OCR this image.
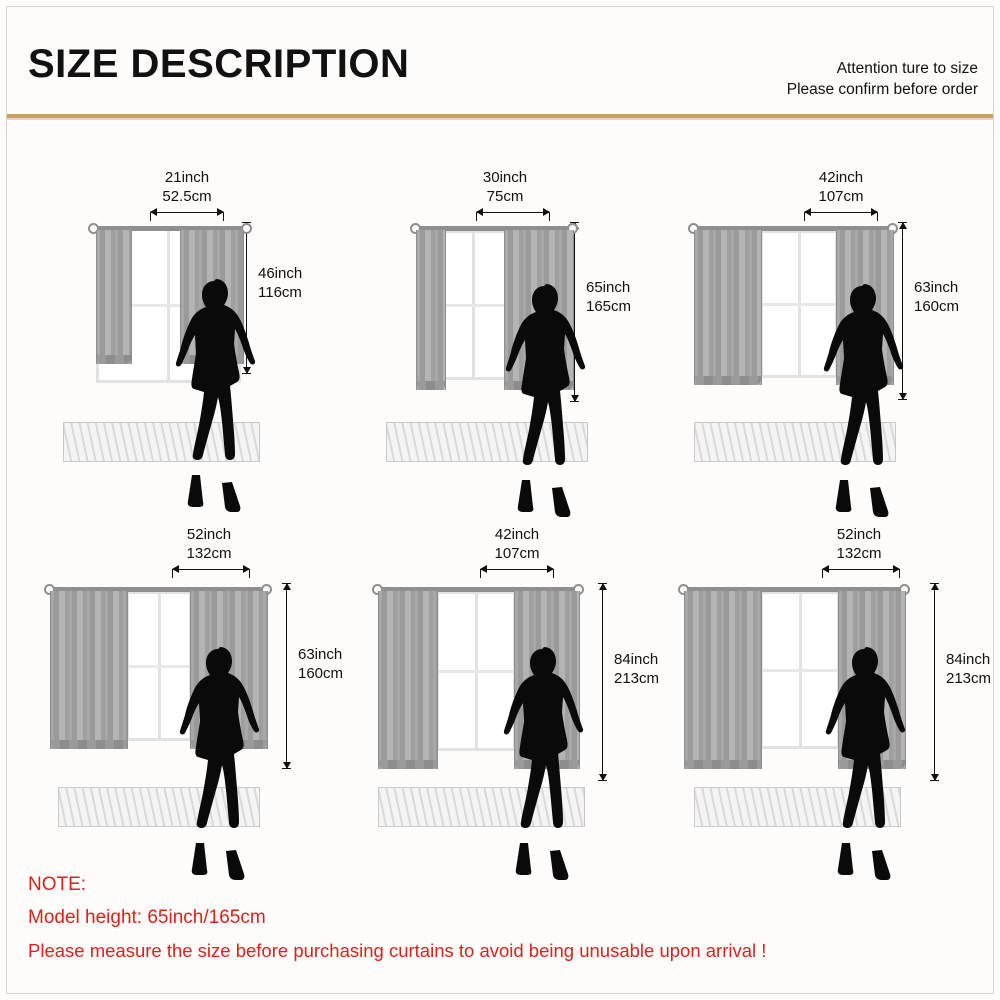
SIZE DESCRIPTION	Attention ture to size
Please confirm before order
21inch
52.5cm
46inch
116cm
30inch
75cm
65inch
165cm
42inch
107cm
63inch
160cm
52inch
132cm
63inch
160cm
42inch
107cm
84inch
213cm
52inch
132cm
84inch
213cm
NOTE:
Model height: 65inch/165cm
Please measure the size before purchasing curtains to avoid being unusable upon arrival !
